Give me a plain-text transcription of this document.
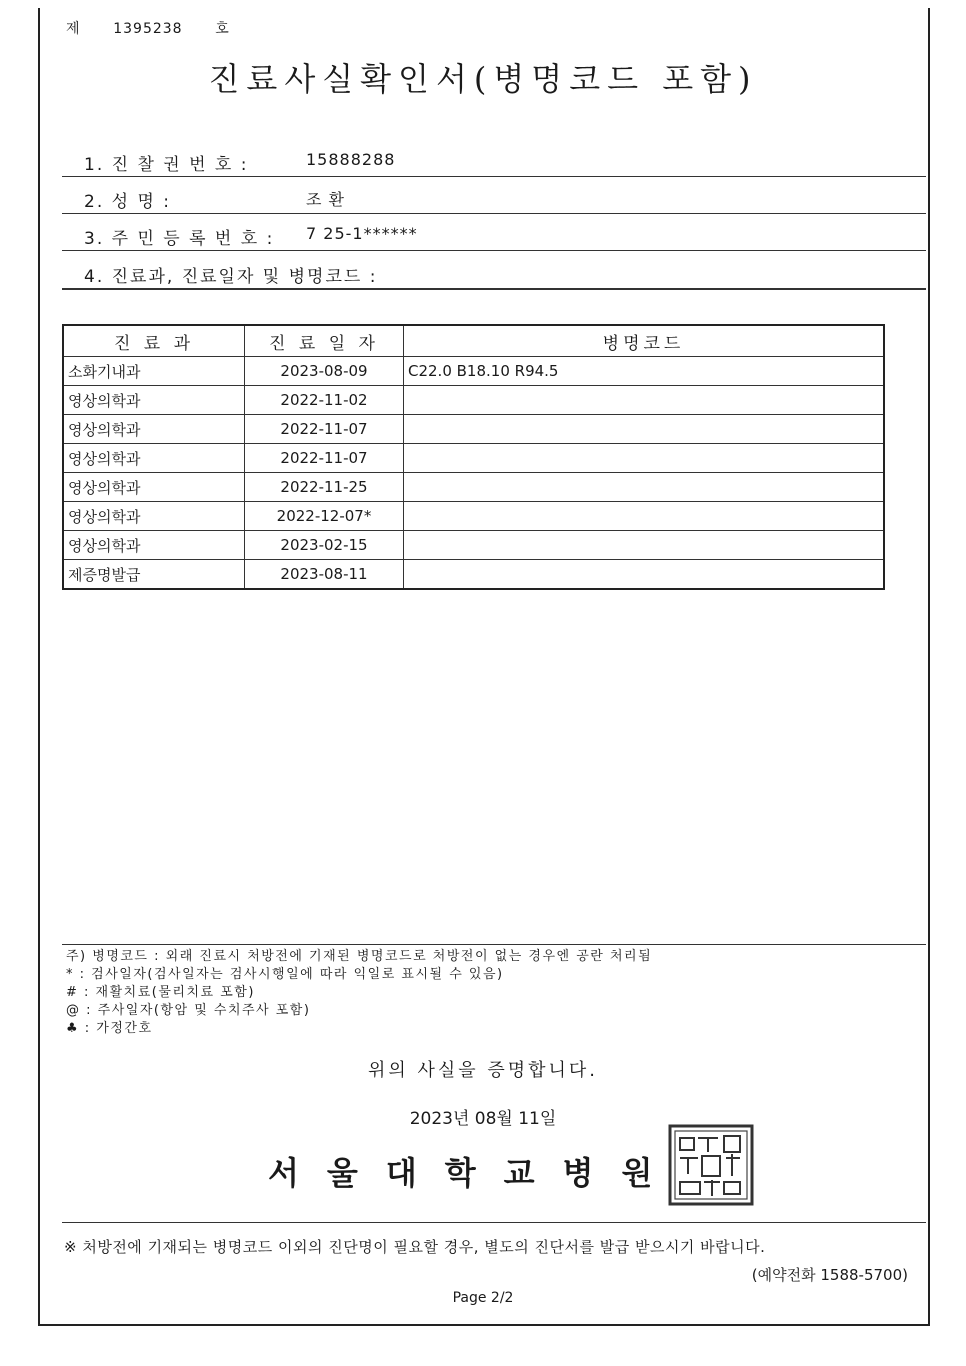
제 1395238 호
진료사실확인서(병명코드 포함)
1. 진 찰 권 번 호 :	15888288
2. 성 명 :	조 환
3. 주 민 등 록 번 호 : 7 25-1******
4. 진료과, 진료일자 및 병명코드 :
진 료 과	진 료 일 자	병명코드
소화기내과	2023-08-09	C22.0 B18.10 R94.5
영상의학과	2022-11-02	
영상의학과	2022-11-07	
영상의학과	2022-11-07	
영상의학과	2022-11-25	
영상의학과	2022-12-07*	
영상의학과	2023-02-15	
제증명발급	2023-08-11	
주) 병명코드 : 외래 진료시 처방전에 기재된 병명코드로 처방전이 없는 경우엔 공란 처리됨
* : 검사일자(검사일자는 검사시행일에 따라 익일로 표시될 수 있음)
# : 재활치료(물리치료 포함)
@ : 주사일자(항암 및 수치주사 포함)
♣ : 가정간호
위의 사실을 증명합니다.
2023년 08월 11일
서울대학교병원
※ 처방전에 기재되는 병명코드 이외의 진단명이 필요할 경우, 별도의 진단서를 발급 받으시기 바랍니다.
(예약전화 1588-5700)
Page 2/2
